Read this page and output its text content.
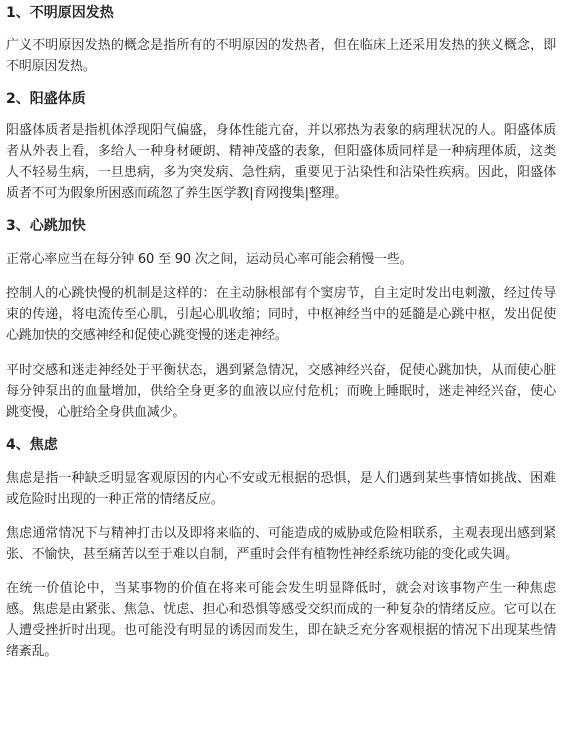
1、不明原因发热

广义不明原因发热的概念是指所有的不明原因的发热者，但在临床上还采用发热的狭义概念，即不明原因发热。

2、阳盛体质

阳盛体质者是指机体浮现阳气偏盛，身体性能亢奋，并以邪热为表象的病理状况的人。阳盛体质者从外表上看，多给人一种身材硬朗、精神茂盛的表象，但阳盛体质同样是一种病理体质，这类人不轻易生病，一旦患病，多为突发病、急性病，重要见于沾染性和沾染性疾病。因此，阳盛体质者不可为假象所困惑而疏忽了养生医学教|育网搜集|整理。

3、心跳加快

正常心率应当在每分钟 60 至 90 次之间，运动员心率可能会稍慢一些。

控制人的心跳快慢的机制是这样的：在主动脉根部有个窦房节，自主定时发出电刺激，经过传导束的传递，将电流传至心肌，引起心肌收缩；同时，中枢神经当中的延髓是心跳中枢，发出促使心跳加快的交感神经和促使心跳变慢的迷走神经。

平时交感和迷走神经处于平衡状态，遇到紧急情况，交感神经兴奋，促使心跳加快，从而使心脏每分钟泵出的血量增加，供给全身更多的血液以应付危机；而晚上睡眠时，迷走神经兴奋，使心跳变慢，心脏给全身供血减少。

4、焦虑

焦虑是指一种缺乏明显客观原因的内心不安或无根据的恐惧，是人们遇到某些事情如挑战、困难或危险时出现的一种正常的情绪反应。

焦虑通常情况下与精神打击以及即将来临的、可能造成的威胁或危险相联系，主观表现出感到紧张、不愉快，甚至痛苦以至于难以自制，严重时会伴有植物性神经系统功能的变化或失调。

在统一价值论中，当某事物的价值在将来可能会发生明显降低时，就会对该事物产生一种焦虑感。焦虑是由紧张、焦急、忧虑、担心和恐惧等感受交织而成的一种复杂的情绪反应。它可以在人遭受挫折时出现。也可能没有明显的诱因而发生，即在缺乏充分客观根据的情况下出现某些情绪紊乱。
